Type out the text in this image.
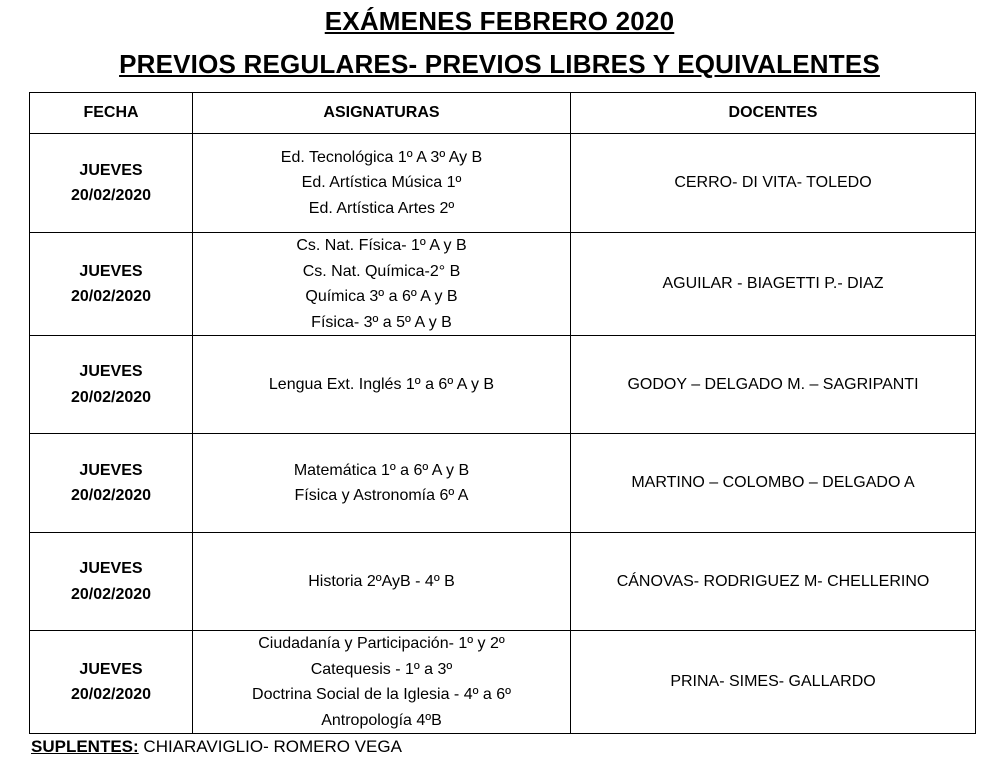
EXÁMENES FEBRERO 2020
PREVIOS REGULARES- PREVIOS LIBRES Y EQUIVALENTES
FECHA	ASIGNATURAS	DOCENTES

JUEVES
20/02/2020	Ed. Tecnológica 1º A 3º Ay B
Ed. Artística Música 1º
Ed. Artística Artes 2º	CERRO- DI VITA- TOLEDO

JUEVES
20/02/2020	Cs. Nat. Física- 1º A y B
Cs. Nat. Química-2° B
Química 3º a 6º A y B
Física- 3º a 5º A y B	AGUILAR - BIAGETTI P.- DIAZ

JUEVES
20/02/2020	Lengua Ext. Inglés 1º a 6º A y B	GODOY – DELGADO M. – SAGRIPANTI

JUEVES
20/02/2020	Matemática 1º a 6º A y B
Física y Astronomía 6º A	MARTINO – COLOMBO – DELGADO A

JUEVES
20/02/2020	Historia 2ºAyB - 4º B	CÁNOVAS- RODRIGUEZ M- CHELLERINO

JUEVES
20/02/2020	Ciudadanía y Participación- 1º y 2º
Catequesis - 1º a 3º
Doctrina Social de la Iglesia - 4º a 6º
Antropología 4ºB	PRINA- SIMES- GALLARDO
SUPLENTES: CHIARAVIGLIO- ROMERO VEGA
